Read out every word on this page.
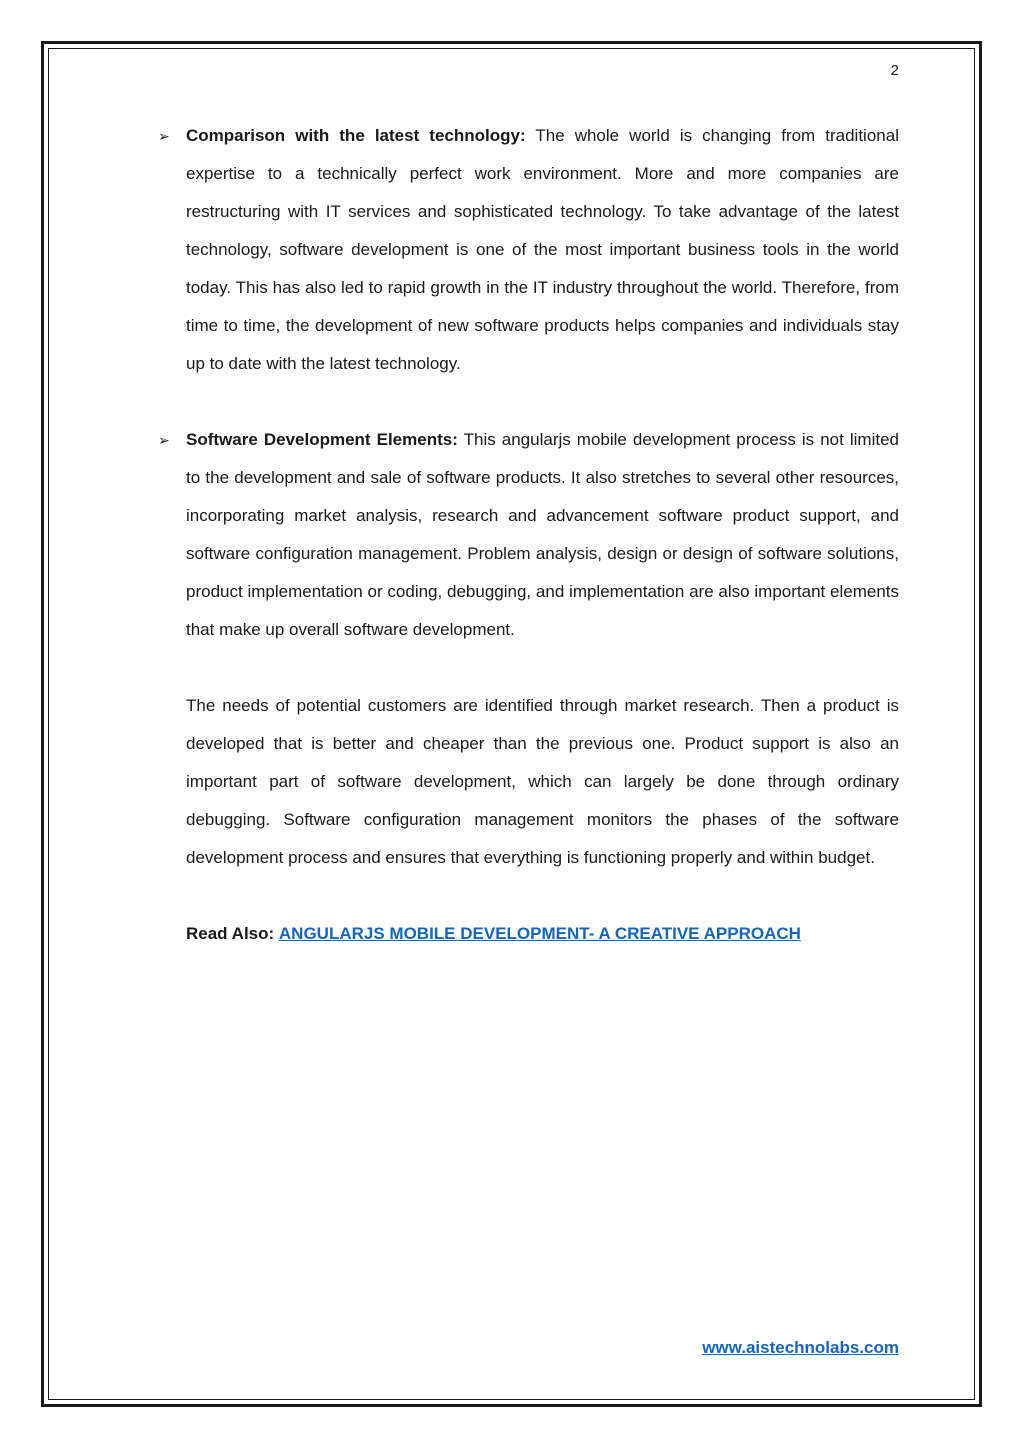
2

➢ Comparison with the latest technology: The whole world is changing from traditional expertise to a technically perfect work environment. More and more companies are restructuring with IT services and sophisticated technology. To take advantage of the latest technology, software development is one of the most important business tools in the world today. This has also led to rapid growth in the IT industry throughout the world. Therefore, from time to time, the development of new software products helps companies and individuals stay up to date with the latest technology.

➢ Software Development Elements: This angularjs mobile development process is not limited to the development and sale of software products. It also stretches to several other resources, incorporating market analysis, research and advancement software product support, and software configuration management. Problem analysis, design or design of software solutions, product implementation or coding, debugging, and implementation are also important elements that make up overall software development.

The needs of potential customers are identified through market research. Then a product is developed that is better and cheaper than the previous one. Product support is also an important part of software development, which can largely be done through ordinary debugging. Software configuration management monitors the phases of the software development process and ensures that everything is functioning properly and within budget.

Read Also: ANGULARJS MOBILE DEVELOPMENT- A CREATIVE APPROACH

www.aistechnolabs.com
